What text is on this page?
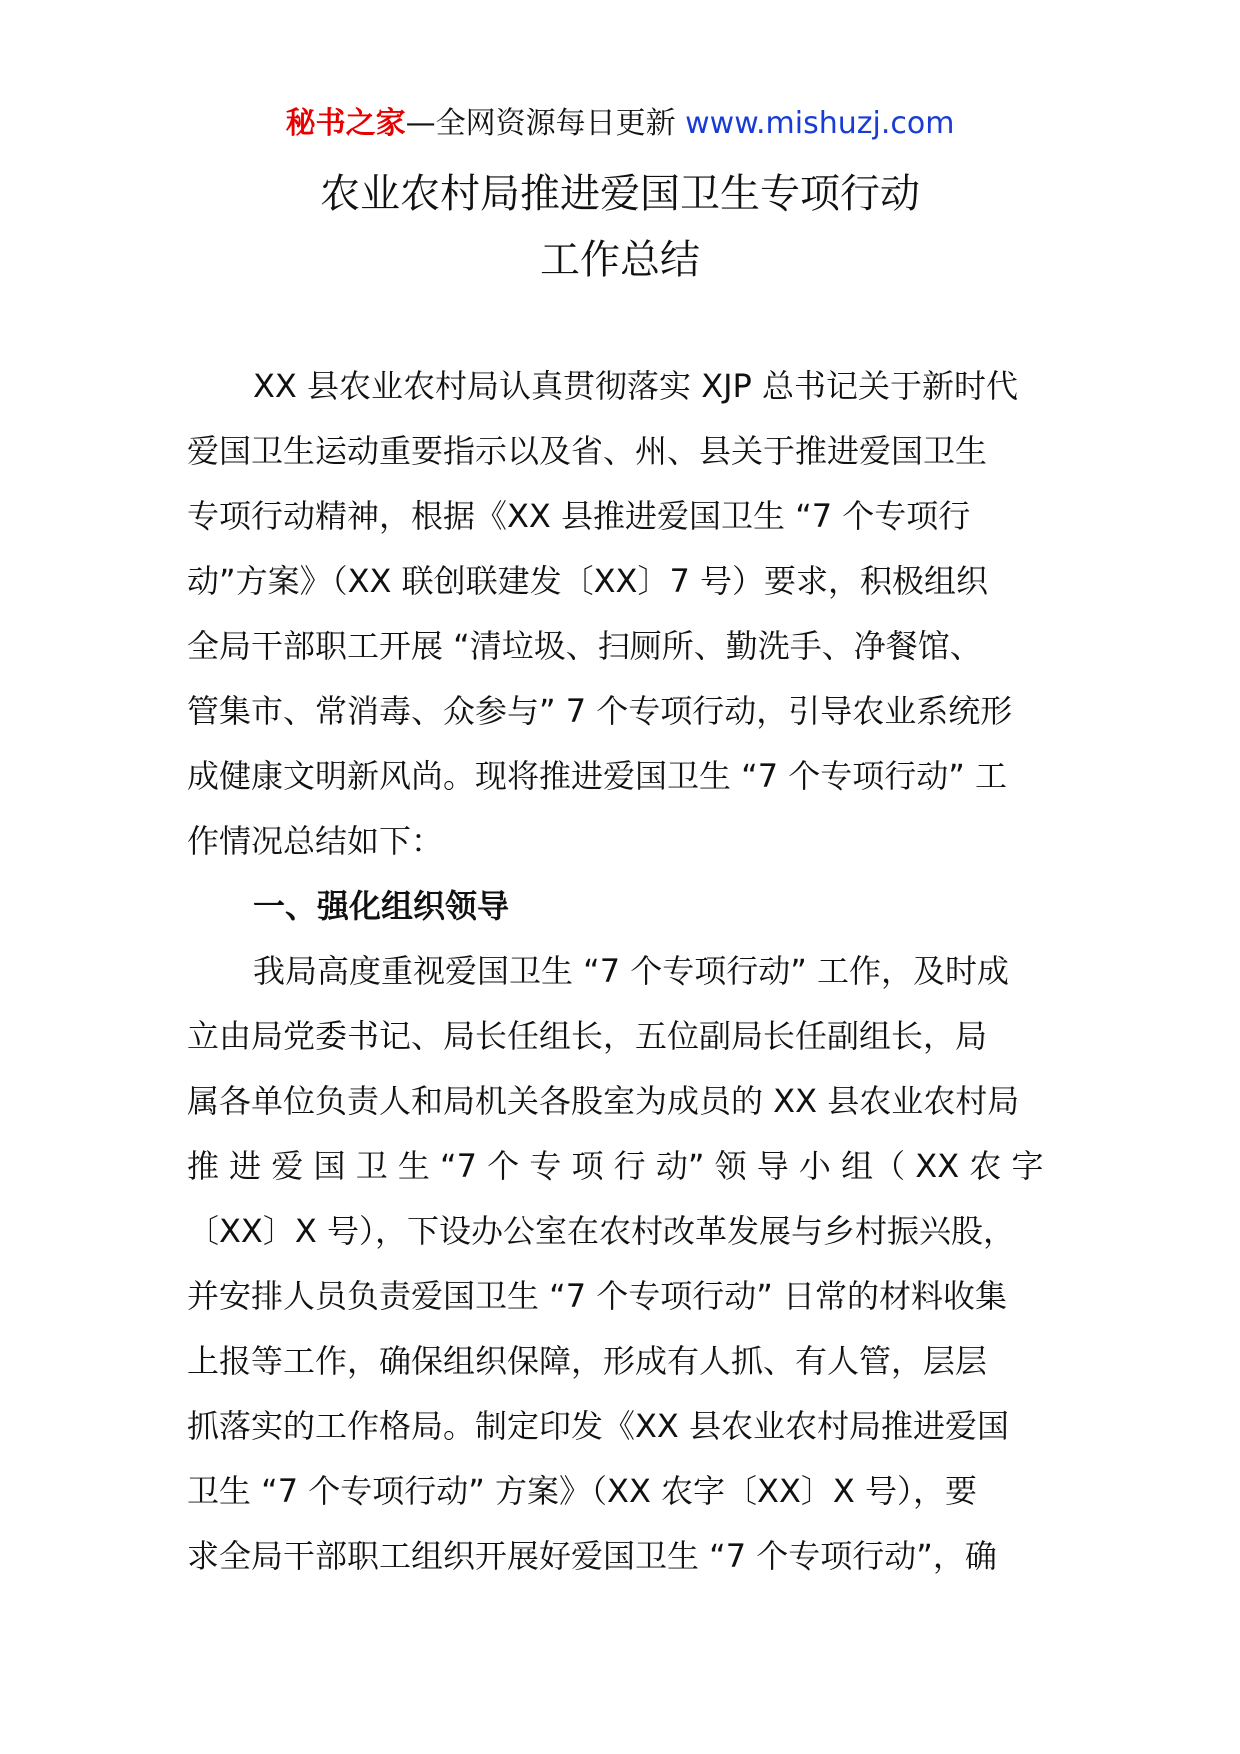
秘书之家—全网资源每日更新 www.mishuzj.com
农业农村局推进爱国卫生专项行动
工作总结
XX 县农业农村局认真贯彻落实 XJP 总书记关于新时代
爱国卫生运动重要指示以及省、州、县关于推进爱国卫生
专项行动精神，根据《XX 县推进爱国卫生 “7 个专项行
动”方案》（XX 联创联建发〔XX〕7 号）要求，积极组织
全局干部职工开展 “清垃圾、扫厕所、勤洗手、净餐馆、
管集市、常消毒、众参与” 7 个专项行动，引导农业系统形
成健康文明新风尚。现将推进爱国卫生 “7 个专项行动” 工
作情况总结如下：
一、强化组织领导
我局高度重视爱国卫生 “7 个专项行动” 工作，及时成
立由局党委书记、局长任组长，五位副局长任副组长，局
属各单位负责人和局机关各股室为成员的 XX 县农业农村局
推 进 爱 国 卫 生 “7 个 专 项 行 动” 领 导 小 组（ XX 农 字
〔XX〕X 号），下设办公室在农村改革发展与乡村振兴股，
并安排人员负责爱国卫生 “7 个专项行动” 日常的材料收集
上报等工作，确保组织保障，形成有人抓、有人管，层层
抓落实的工作格局。制定印发《XX 县农业农村局推进爱国
卫生 “7 个专项行动” 方案》（XX 农字〔XX〕X 号），要
求全局干部职工组织开展好爱国卫生 “7 个专项行动”，确
